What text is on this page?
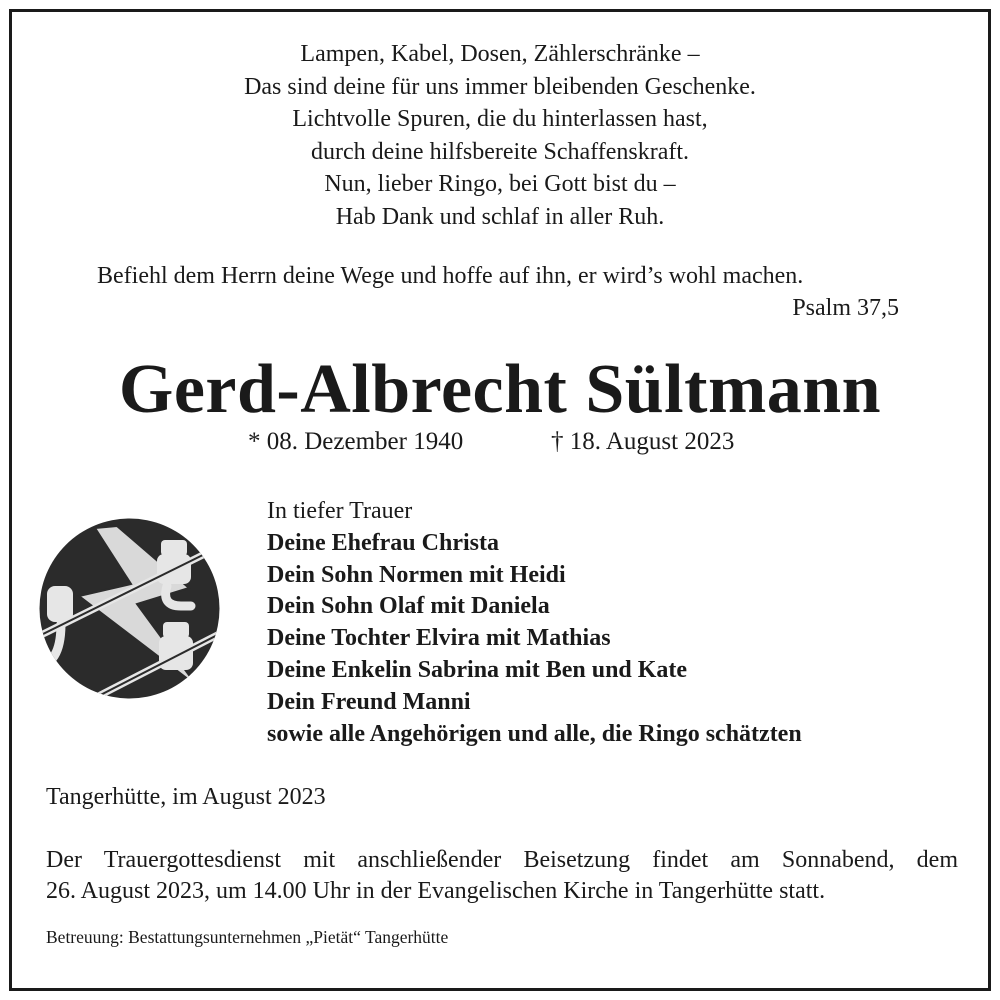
Lampen, Kabel, Dosen, Zählerschränke –
Das sind deine für uns immer bleibenden Geschenke.
Lichtvolle Spuren, die du hinterlassen hast,
durch deine hilfsbereite Schaffenskraft.
Nun, lieber Ringo, bei Gott bist du –
Hab Dank und schlaf in aller Ruh.
Befiehl dem Herrn deine Wege und hoffe auf ihn, er wird’s wohl machen.
Psalm 37,5
Gerd-Albrecht Sültmann
* 08. Dezember 1940	† 18. August 2023
In tiefer Trauer
Deine Ehefrau Christa
Dein Sohn Normen mit Heidi
Dein Sohn Olaf mit Daniela
Deine Tochter Elvira mit Mathias
Deine Enkelin Sabrina mit Ben und Kate
Dein Freund Manni
sowie alle Angehörigen und alle, die Ringo schätzten
Tangerhütte, im August 2023
Der Trauergottesdienst mit anschließender Beisetzung findet am Sonnabend, dem
26. August 2023, um 14.00 Uhr in der Evangelischen Kirche in Tangerhütte statt.
Betreuung: Bestattungsunternehmen „Pietät“ Tangerhütte
